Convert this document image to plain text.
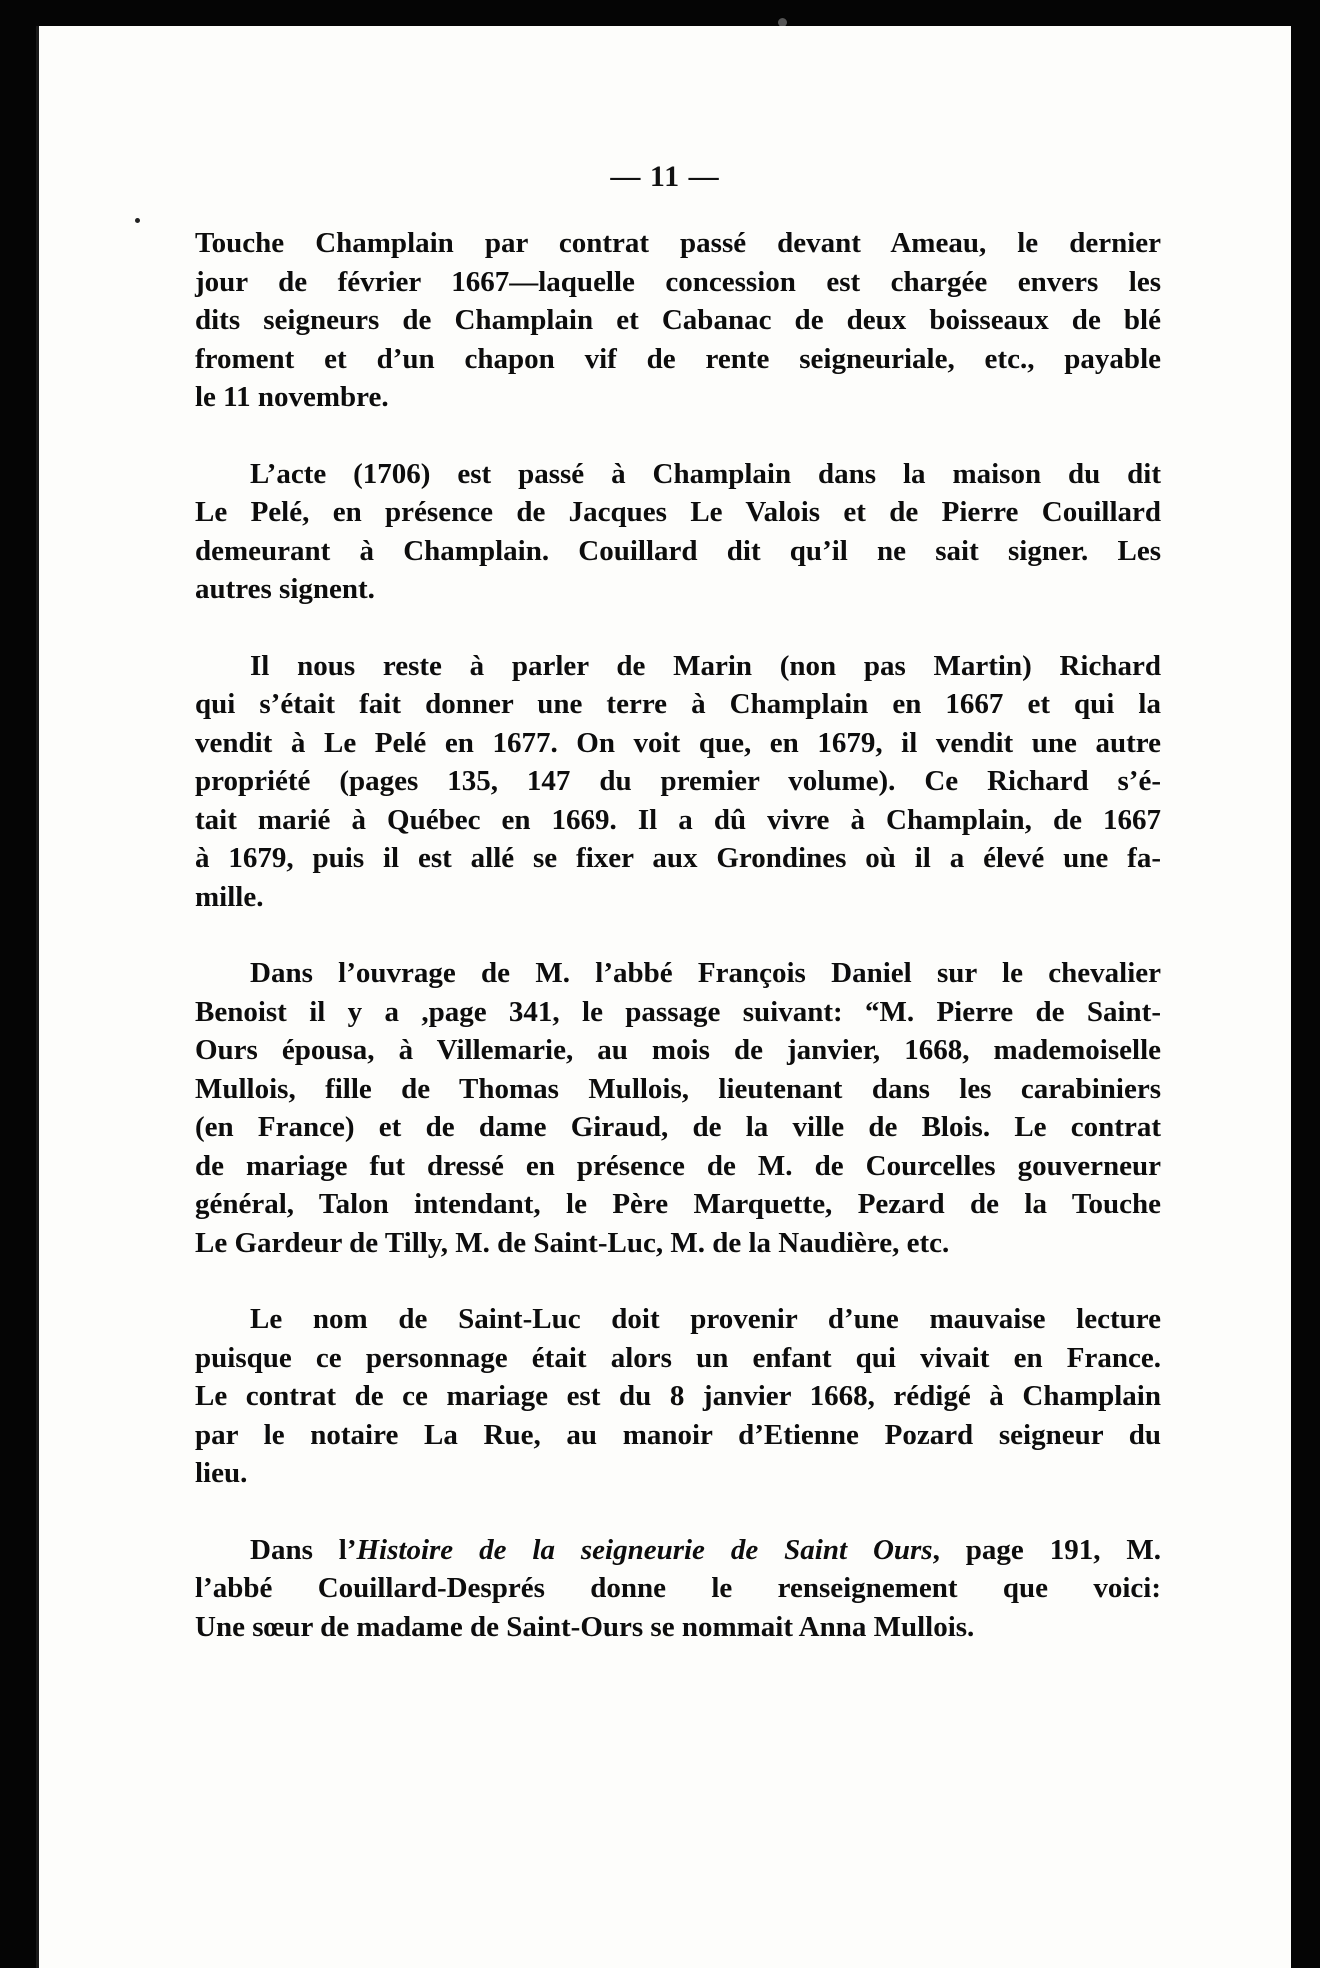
— 11 —

Touche Champlain par contrat passé devant Ameau, le dernier
jour de février 1667—laquelle concession est chargée envers les
dits seigneurs de Champlain et Cabanac de deux boisseaux de blé
froment et d’un chapon vif de rente seigneuriale, etc., payable
le 11 novembre.

L’acte (1706) est passé à Champlain dans la maison du dit
Le Pelé, en présence de Jacques Le Valois et de Pierre Couillard
demeurant à Champlain. Couillard dit qu’il ne sait signer. Les
autres signent.

Il nous reste à parler de Marin (non pas Martin) Richard
qui s’était fait donner une terre à Champlain en 1667 et qui la
vendit à Le Pelé en 1677. On voit que, en 1679, il vendit une autre
propriété (pages 135, 147 du premier volume). Ce Richard s’é-
tait marié à Québec en 1669. Il a dû vivre à Champlain, de 1667
à 1679, puis il est allé se fixer aux Grondines où il a élevé une fa-
mille.

Dans l’ouvrage de M. l’abbé François Daniel sur le chevalier
Benoist il y a ,page 341, le passage suivant: “M. Pierre de Saint-
Ours épousa, à Villemarie, au mois de janvier, 1668, mademoiselle
Mullois, fille de Thomas Mullois, lieutenant dans les carabiniers
(en France) et de dame Giraud, de la ville de Blois. Le contrat
de mariage fut dressé en présence de M. de Courcelles gouverneur
général, Talon intendant, le Père Marquette, Pezard de la Touche
Le Gardeur de Tilly, M. de Saint-Luc, M. de la Naudière, etc.

Le nom de Saint-Luc doit provenir d’une mauvaise lecture
puisque ce personnage était alors un enfant qui vivait en France.
Le contrat de ce mariage est du 8 janvier 1668, rédigé à Champlain
par le notaire La Rue, au manoir d’Etienne Pozard seigneur du
lieu.

Dans l’Histoire de la seigneurie de Saint Ours, page 191, M.
l’abbé Couillard-Després donne le renseignement que voici:
Une sœur de madame de Saint-Ours se nommait Anna Mullois.
